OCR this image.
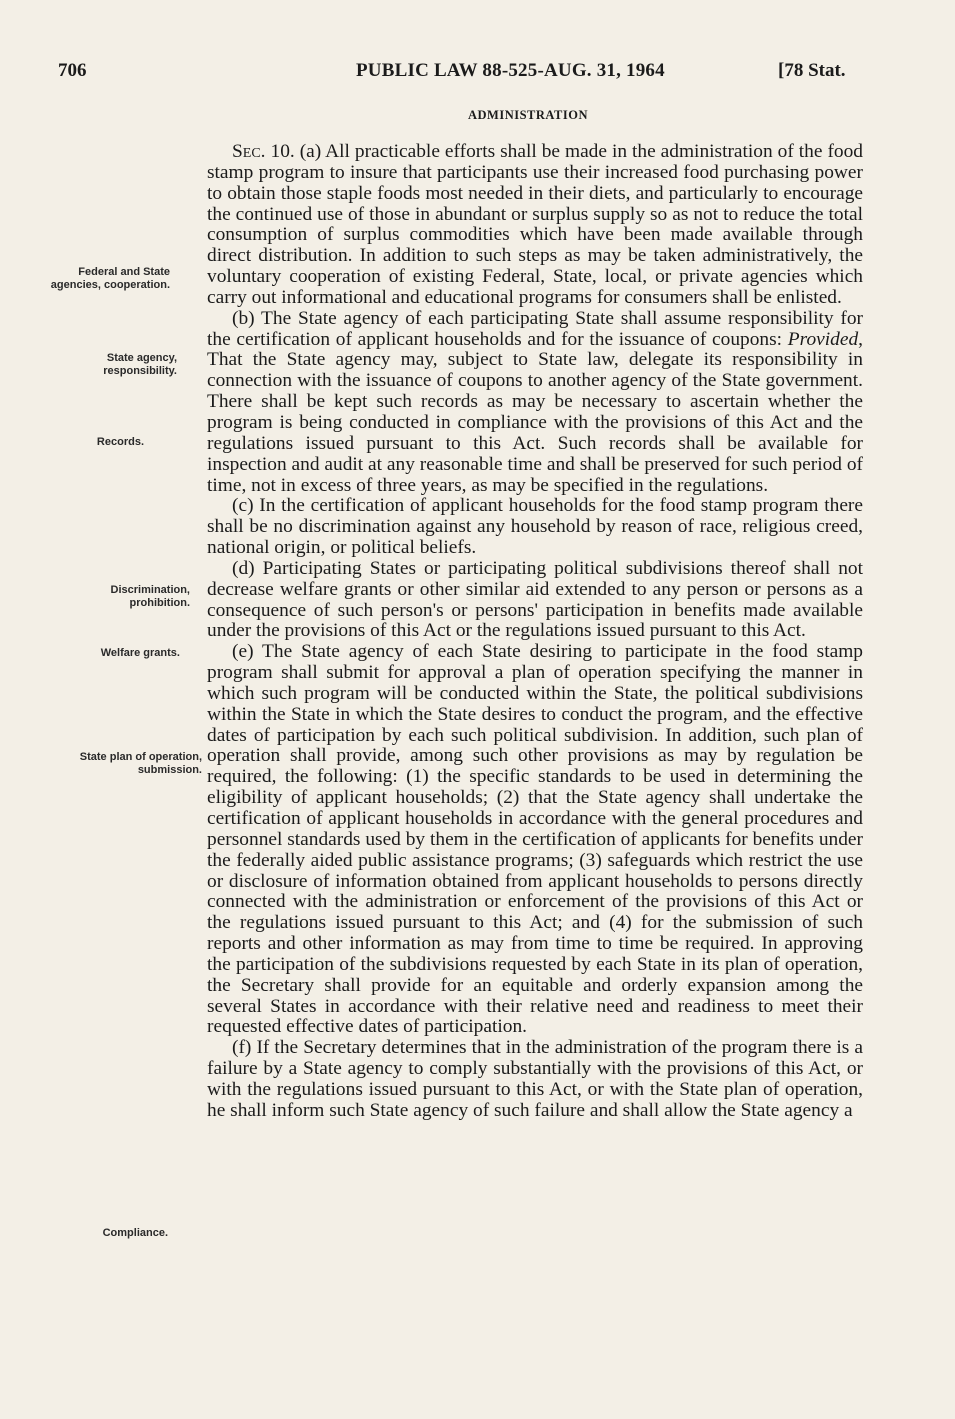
706	PUBLIC LAW 88-525-AUG. 31, 1964	[78 Stat.
ADMINISTRATION
Federal and State agencies, cooperation.
State agency, responsibility.
Records.
Discrimination, prohibition.
Welfare grants.
State plan of operation, submission.
Compliance.

Sec. 10. (a) All practicable efforts shall be made in the administration of the food stamp program to insure that participants use their increased food purchasing power to obtain those staple foods most needed in their diets, and particularly to encourage the continued use of those in abundant or surplus supply so as not to reduce the total consumption of surplus commodities which have been made available through direct distribution. In addition to such steps as may be taken administratively, the voluntary cooperation of existing Federal, State, local, or private agencies which carry out informational and educational programs for consumers shall be enlisted.

(b) The State agency of each participating State shall assume responsibility for the certification of applicant households and for the issuance of coupons: Provided, That the State agency may, subject to State law, delegate its responsibility in connection with the issuance of coupons to another agency of the State government. There shall be kept such records as may be necessary to ascertain whether the program is being conducted in compliance with the provisions of this Act and the regulations issued pursuant to this Act. Such records shall be available for inspection and audit at any reasonable time and shall be preserved for such period of time, not in excess of three years, as may be specified in the regulations.

(c) In the certification of applicant households for the food stamp program there shall be no discrimination against any household by reason of race, religious creed, national origin, or political beliefs.

(d) Participating States or participating political subdivisions thereof shall not decrease welfare grants or other similar aid extended to any person or persons as a consequence of such person's or persons' participation in benefits made available under the provisions of this Act or the regulations issued pursuant to this Act.

(e) The State agency of each State desiring to participate in the food stamp program shall submit for approval a plan of operation specifying the manner in which such program will be conducted within the State, the political subdivisions within the State in which the State desires to conduct the program, and the effective dates of participation by each such political subdivision. In addition, such plan of operation shall provide, among such other provisions as may by regulation be required, the following: (1) the specific standards to be used in determining the eligibility of applicant households; (2) that the State agency shall undertake the certification of applicant households in accordance with the general procedures and personnel standards used by them in the certification of applicants for benefits under the federally aided public assistance programs; (3) safeguards which restrict the use or disclosure of information obtained from applicant households to persons directly connected with the administration or enforcement of the provisions of this Act or the regulations issued pursuant to this Act; and (4) for the submission of such reports and other information as may from time to time be required. In approving the participation of the subdivisions requested by each State in its plan of operation, the Secretary shall provide for an equitable and orderly expansion among the several States in accordance with their relative need and readiness to meet their requested effective dates of participation.

(f) If the Secretary determines that in the administration of the program there is a failure by a State agency to comply substantially with the provisions of this Act, or with the regulations issued pursuant to this Act, or with the State plan of operation, he shall inform such State agency of such failure and shall allow the State agency a
